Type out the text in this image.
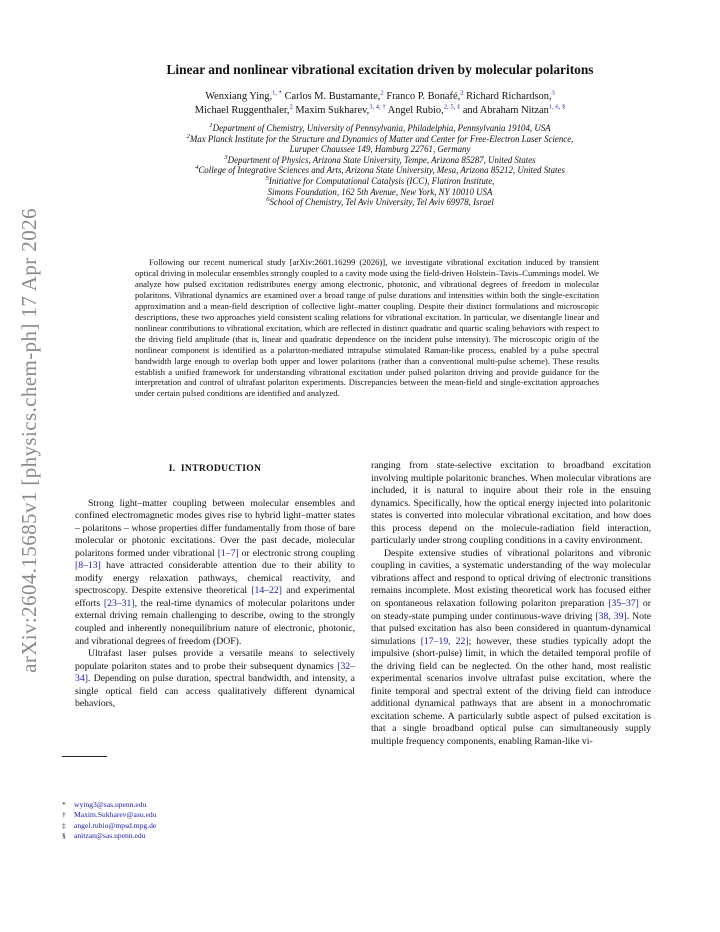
arXiv:2604.15685v1 [physics.chem-ph] 17 Apr 2026
Linear and nonlinear vibrational excitation driven by molecular polaritons
Wenxiang Ying,$^{1, *}$ Carlos M. Bustamante,$^2$ Franco P. Bonafé,$^2$ Richard Richardson,$^3$
Michael Ruggenthaler,$^2$ Maxim Sukharev,$^{3, 4, \dagger}$ Angel Rubio,$^{2, 5, \ddagger}$ and Abraham Nitzan$^{1, 6, \S}$
$^1$Department of Chemistry, University of Pennsylvania, Philadelphia, Pennsylvania 19104, USA
$^2$Max Planck Institute for the Structure and Dynamics of Matter and Center for Free-Electron Laser Science,
Luruper Chaussee 149, Hamburg 22761, Germany
$^3$Department of Physics, Arizona State University, Tempe, Arizona 85287, United States
$^4$College of Integrative Sciences and Arts, Arizona State University, Mesa, Arizona 85212, United States
$^5$Initiative for Computational Catalysis (ICC), Flatiron Institute,
Simons Foundation, 162 5th Avenue, New York, NY 10010 USA
$^6$School of Chemistry, Tel Aviv University, Tel Aviv 69978, Israel

Following our recent numerical study [arXiv:2601.16299 (2026)], we investigate vibrational excitation induced by transient optical driving in molecular ensembles strongly coupled to a cavity mode using the field-driven Holstein–Tavis–Cummings model. We analyze how pulsed excitation redistributes energy among electronic, photonic, and vibrational degrees of freedom in molecular polaritons. Vibrational dynamics are examined over a broad range of pulse durations and intensities within both the single-excitation approximation and a mean-field description of collective light–matter coupling. Despite their distinct formulations and microscopic descriptions, these two approaches yield consistent scaling relations for vibrational excitation. In particular, we disentangle linear and nonlinear contributions to vibrational excitation, which are reflected in distinct quadratic and quartic scaling behaviors with respect to the driving field amplitude (that is, linear and quadratic dependence on the incident pulse intensity). The microscopic origin of the nonlinear component is identified as a polariton-mediated intrapulse stimulated Raman-like process, enabled by a pulse spectral bandwidth large enough to overlap both upper and lower polaritons (rather than a conventional multi-pulse scheme). These results establish a unified framework for understanding vibrational excitation under pulsed polariton driving and provide guidance for the interpretation and control of ultrafast polariton experiments. Discrepancies between the mean-field and single-excitation approaches under certain pulsed conditions are identified and analyzed.

I. INTRODUCTION

Strong light–matter coupling between molecular ensembles and confined electromagnetic modes gives rise to hybrid light–matter states – polaritons – whose properties differ fundamentally from those of bare molecular or photonic excitations. Over the past decade, molecular polaritons formed under vibrational [1–7] or electronic strong coupling [8–13] have attracted considerable attention due to their ability to modify energy relaxation pathways, chemical reactivity, and spectroscopy. Despite extensive theoretical [14–22] and experimental efforts [23–31], the real-time dynamics of molecular polaritons under external driving remain challenging to describe, owing to the strongly coupled and inherently nonequilibrium nature of electronic, photonic, and vibrational degrees of freedom (DOF).

Ultrafast laser pulses provide a versatile means to selectively populate polariton states and to probe their subsequent dynamics [32–34]. Depending on pulse duration, spectral bandwidth, and intensity, a single optical field can access qualitatively different dynamical behaviors,

ranging from state-selective excitation to broadband excitation involving multiple polaritonic branches. When molecular vibrations are included, it is natural to inquire about their role in the ensuing dynamics. Specifically, how the optical energy injected into polaritonic states is converted into molecular vibrational excitation, and how does this process depend on the molecule-radiation field interaction, particularly under strong coupling conditions in a cavity environment.

Despite extensive studies of vibrational polaritons and vibronic coupling in cavities, a systematic understanding of the way molecular vibrations affect and respond to optical driving of electronic transitions remains incomplete. Most existing theoretical work has focused either on spontaneous relaxation following polariton preparation [35–37] or on steady-state pumping under continuous-wave driving [38, 39]. Note that pulsed excitation has also been considered in quantum-dynamical simulations [17–19, 22]; however, these studies typically adopt the impulsive (short-pulse) limit, in which the detailed temporal profile of the driving field can be neglected. On the other hand, most realistic experimental scenarios involve ultrafast pulse excitation, where the finite temporal and spectral extent of the driving field can introduce additional dynamical pathways that are absent in a monochromatic excitation scheme. A particularly subtle aspect of pulsed excitation is that a single broadband optical pulse can simultaneously supply multiple frequency components, enabling Raman-like vi-

* wying3@sas.upenn.edu
† Maxim.Sukharev@asu.edu
‡ angel.rubio@mpsd.mpg.de
§ anitzan@sas.upenn.edu
